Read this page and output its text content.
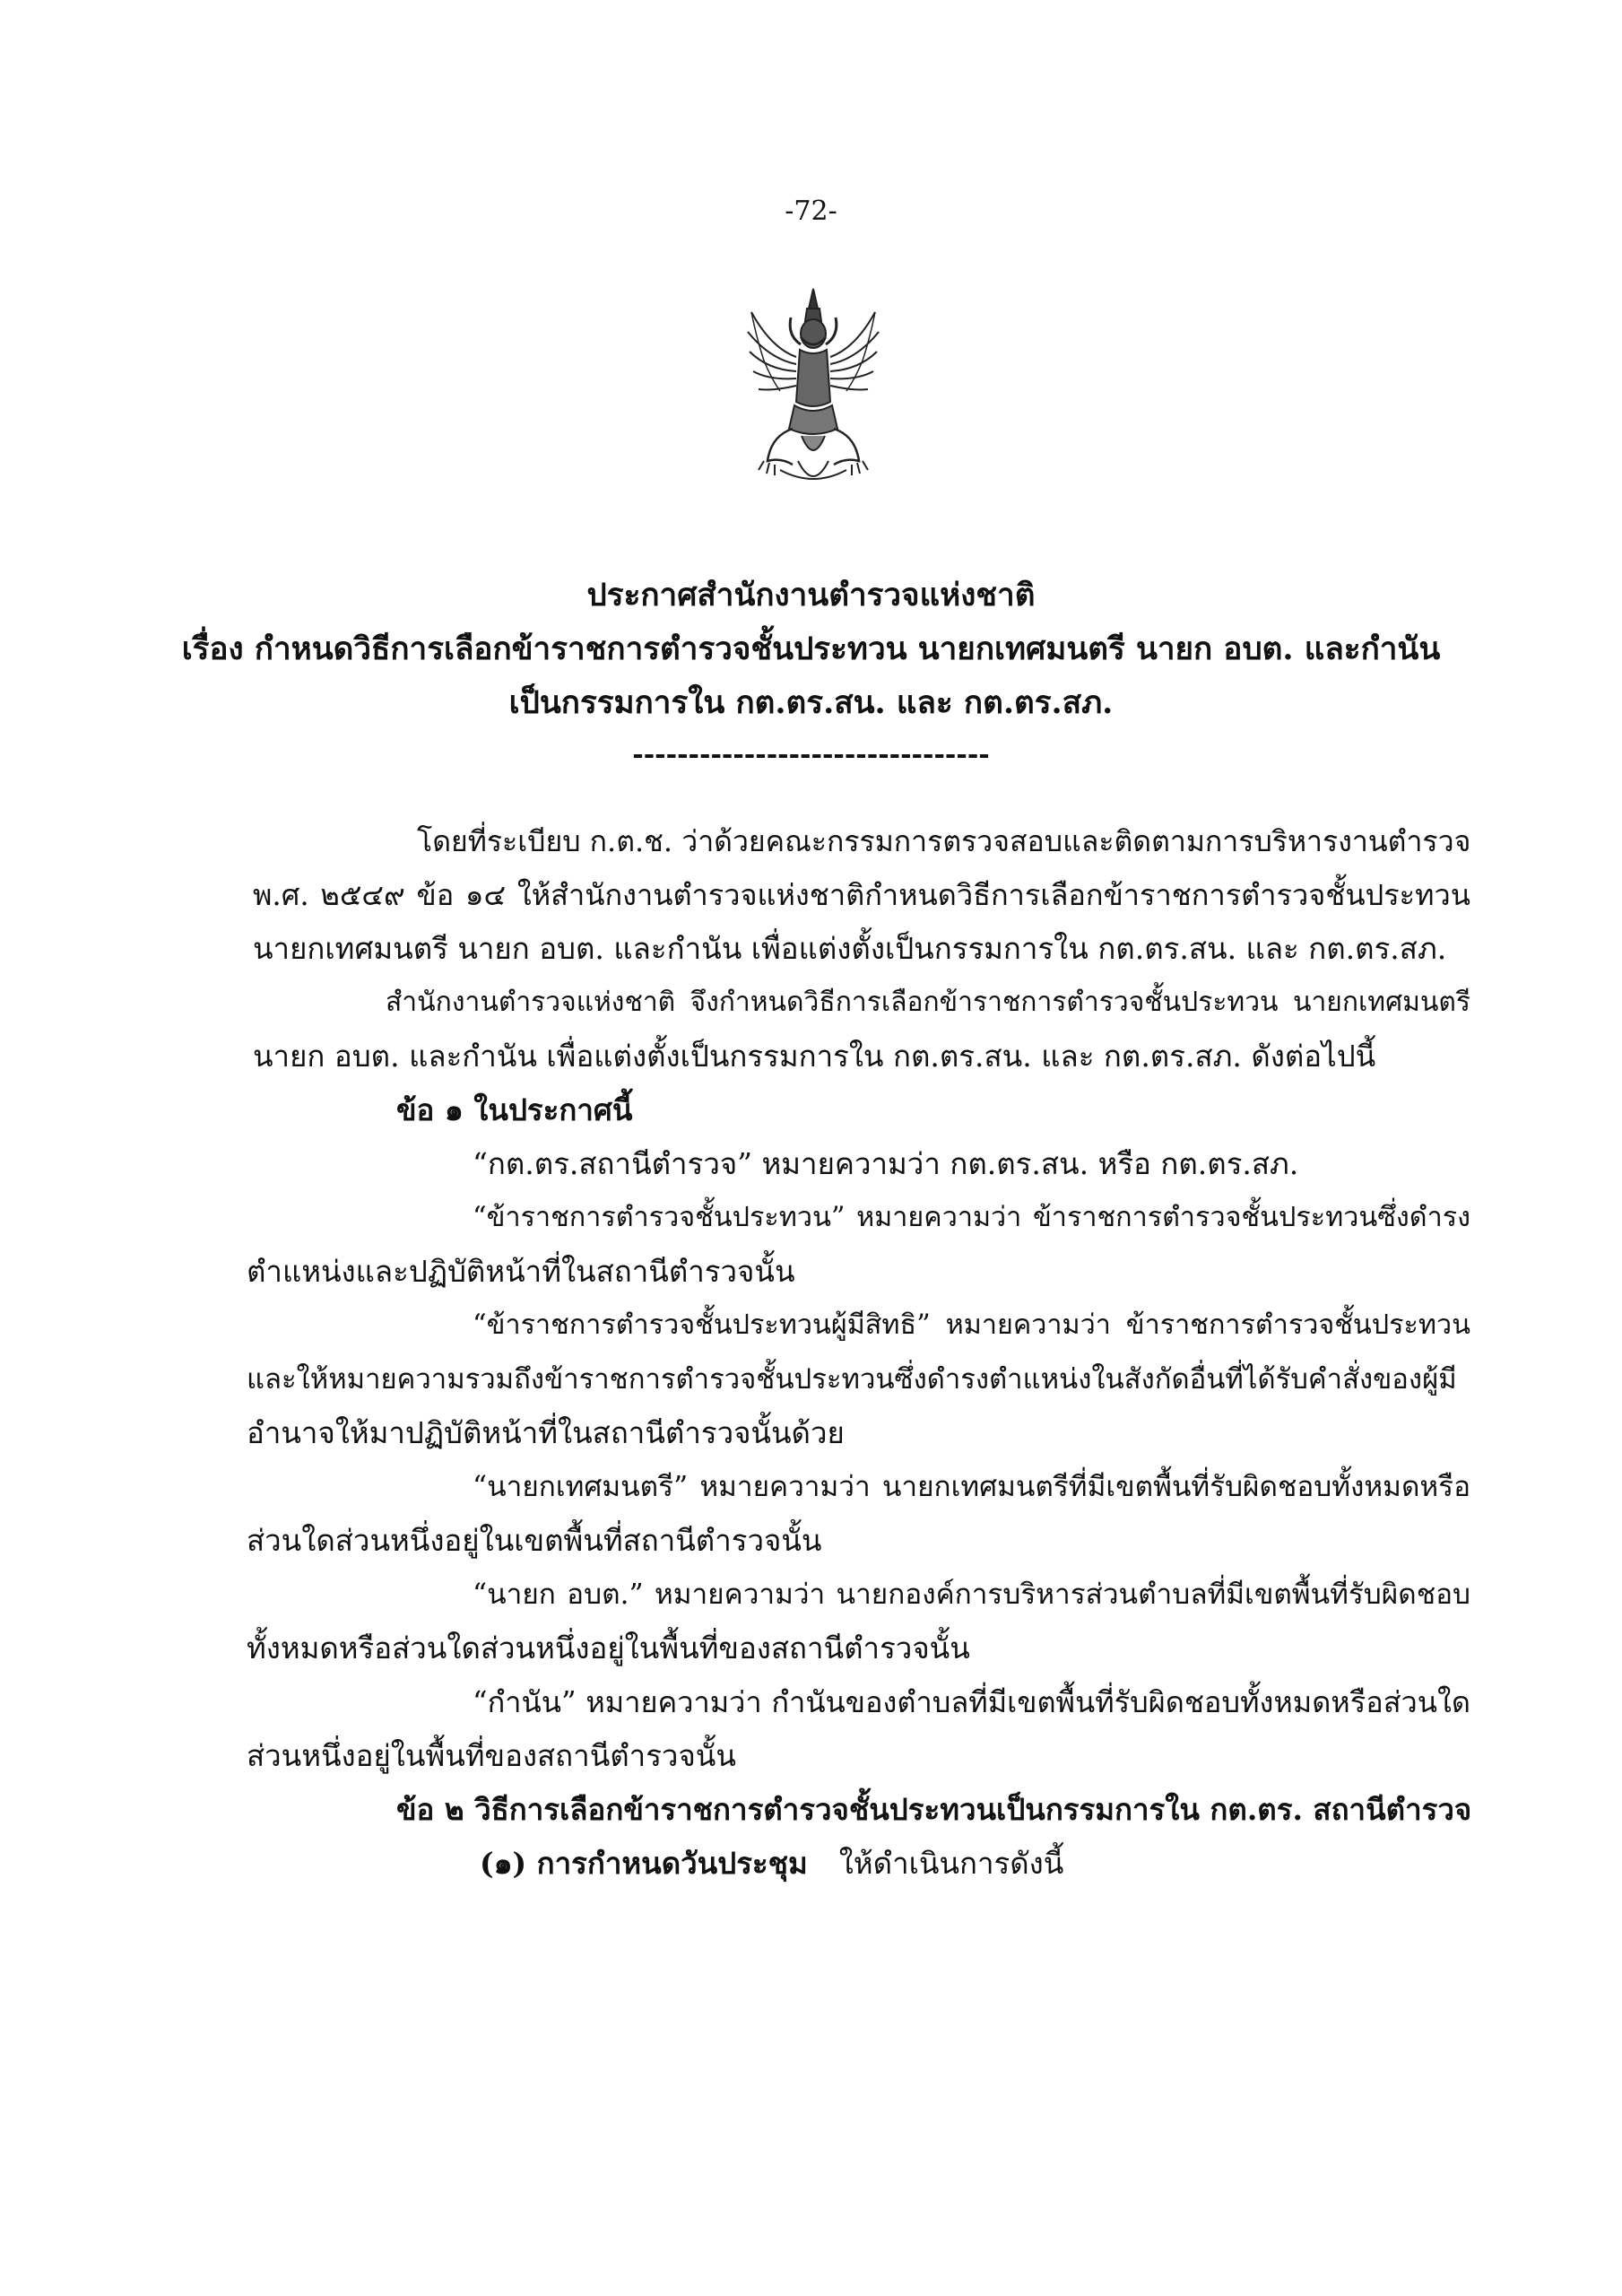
-72-
ประกาศสำนักงานตำรวจแห่งชาติ
เรื่อง กำหนดวิธีการเลือกข้าราชการตำรวจชั้นประทวน นายกเทศมนตรี นายก อบต. และกำนัน
เป็นกรรมการใน กต.ตร.สน. และ กต.ตร.สภ.
--------------------------------
โดยที่ระเบียบ ก.ต.ช. ว่าด้วยคณะกรรมการตรวจสอบและติดตามการบริหารงานตำรวจ
พ.ศ. ๒๕๔๙ ข้อ ๑๔ ให้สำนักงานตำรวจแห่งชาติกำหนดวิธีการเลือกข้าราชการตำรวจชั้นประทวน
นายกเทศมนตรี นายก อบต. และกำนัน เพื่อแต่งตั้งเป็นกรรมการใน กต.ตร.สน. และ กต.ตร.สภ.
สำนักงานตำรวจแห่งชาติ จึงกำหนดวิธีการเลือกข้าราชการตำรวจชั้นประทวน นายกเทศมนตรี
นายก อบต. และกำนัน เพื่อแต่งตั้งเป็นกรรมการใน กต.ตร.สน. และ กต.ตร.สภ. ดังต่อไปนี้
ข้อ ๑ ในประกาศนี้
“กต.ตร.สถานีตำรวจ” หมายความว่า กต.ตร.สน. หรือ กต.ตร.สภ.
“ข้าราชการตำรวจชั้นประทวน” หมายความว่า ข้าราชการตำรวจชั้นประทวนซึ่งดำรง
ตำแหน่งและปฏิบัติหน้าที่ในสถานีตำรวจนั้น
“ข้าราชการตำรวจชั้นประทวนผู้มีสิทธิ” หมายความว่า ข้าราชการตำรวจชั้นประทวน
และให้หมายความรวมถึงข้าราชการตำรวจชั้นประทวนซึ่งดำรงตำแหน่งในสังกัดอื่นที่ได้รับคำสั่งของผู้มี
อำนาจให้มาปฏิบัติหน้าที่ในสถานีตำรวจนั้นด้วย
“นายกเทศมนตรี” หมายความว่า นายกเทศมนตรีที่มีเขตพื้นที่รับผิดชอบทั้งหมดหรือ
ส่วนใดส่วนหนึ่งอยู่ในเขตพื้นที่สถานีตำรวจนั้น
“นายก อบต.” หมายความว่า นายกองค์การบริหารส่วนตำบลที่มีเขตพื้นที่รับผิดชอบ
ทั้งหมดหรือส่วนใดส่วนหนึ่งอยู่ในพื้นที่ของสถานีตำรวจนั้น
“กำนัน” หมายความว่า กำนันของตำบลที่มีเขตพื้นที่รับผิดชอบทั้งหมดหรือส่วนใด
ส่วนหนึ่งอยู่ในพื้นที่ของสถานีตำรวจนั้น
ข้อ ๒ วิธีการเลือกข้าราชการตำรวจชั้นประทวนเป็นกรรมการใน กต.ตร. สถานีตำรวจ
(๑) การกำหนดวันประชุม ให้ดำเนินการดังนี้
